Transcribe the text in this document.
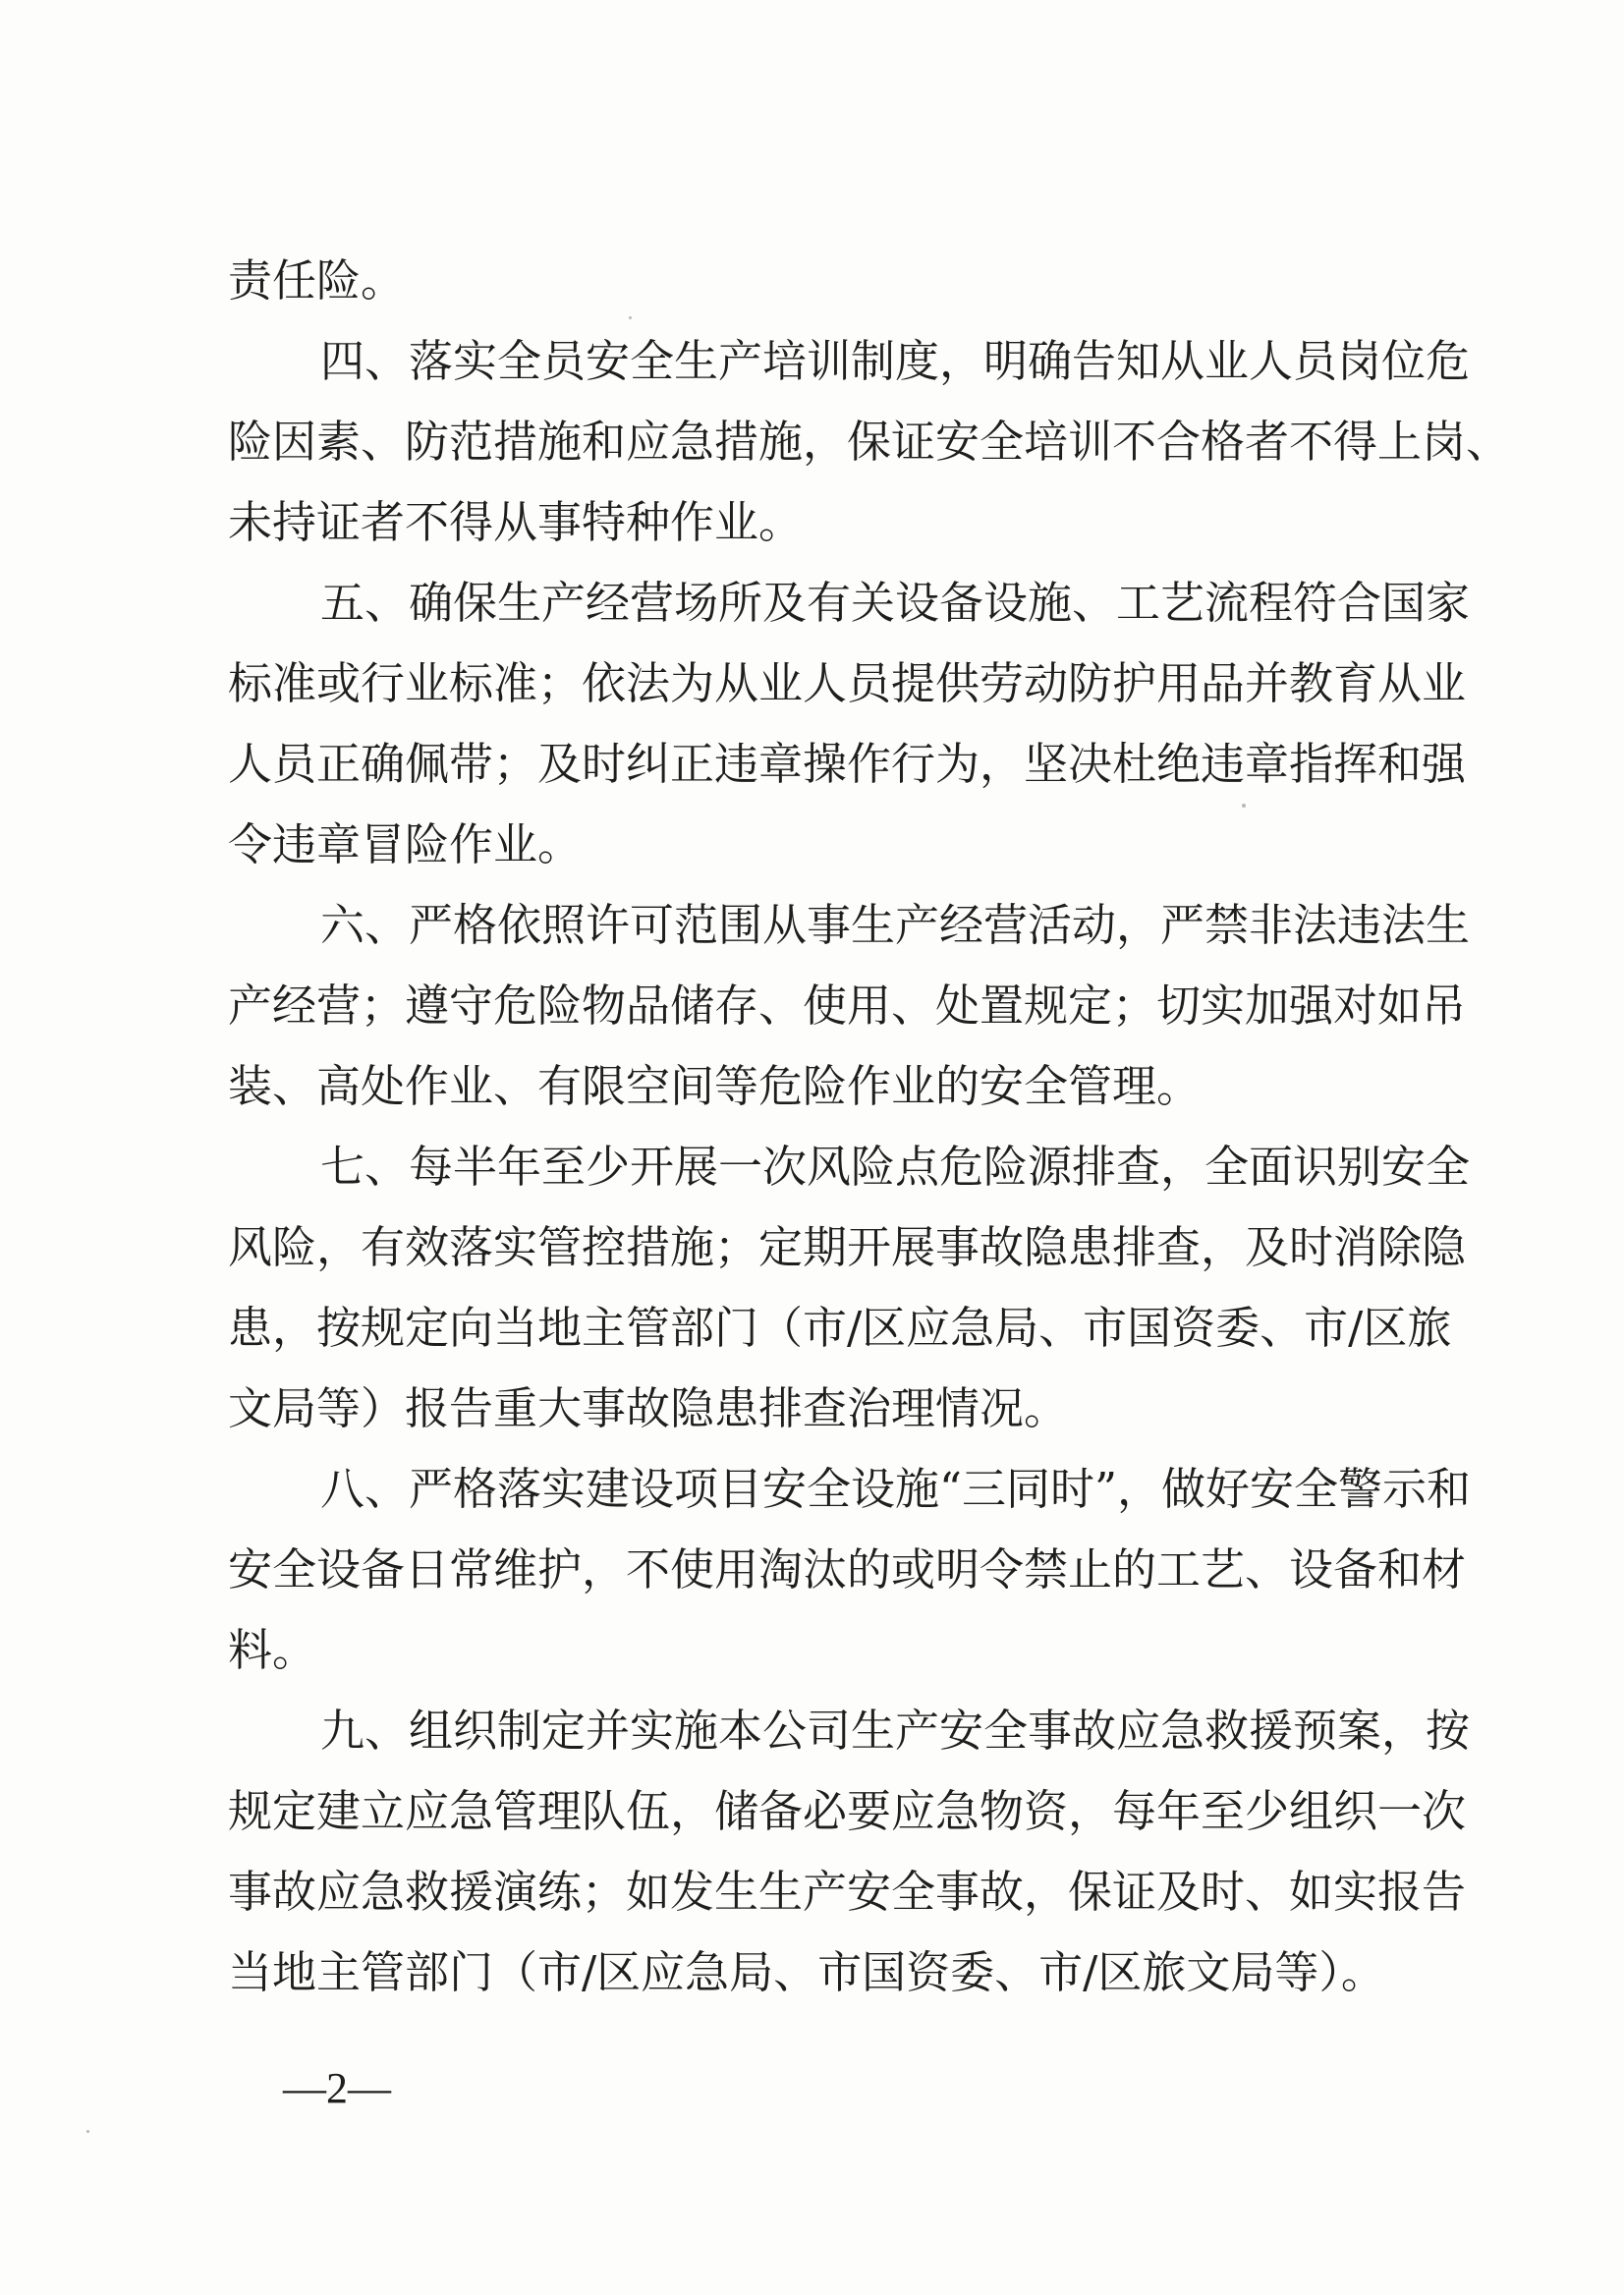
责任险。
四、落实全员安全生产培训制度，明确告知从业人员岗位危
险因素、防范措施和应急措施，保证安全培训不合格者不得上岗、
未持证者不得从事特种作业。
五、确保生产经营场所及有关设备设施、工艺流程符合国家
标准或行业标准；依法为从业人员提供劳动防护用品并教育从业
人员正确佩带；及时纠正违章操作行为，坚决杜绝违章指挥和强
令违章冒险作业。
六、严格依照许可范围从事生产经营活动，严禁非法违法生
产经营；遵守危险物品储存、使用、处置规定；切实加强对如吊
装、高处作业、有限空间等危险作业的安全管理。
七、每半年至少开展一次风险点危险源排查，全面识别安全
风险，有效落实管控措施；定期开展事故隐患排查，及时消除隐
患，按规定向当地主管部门（市/区应急局、市国资委、市/区旅
文局等）报告重大事故隐患排查治理情况。
八、严格落实建设项目安全设施“三同时”，做好安全警示和
安全设备日常维护，不使用淘汰的或明令禁止的工艺、设备和材
料。
九、组织制定并实施本公司生产安全事故应急救援预案，按
规定建立应急管理队伍，储备必要应急物资，每年至少组织一次
事故应急救援演练；如发生生产安全事故，保证及时、如实报告
当地主管部门（市/区应急局、市国资委、市/区旅文局等）。
—2—
